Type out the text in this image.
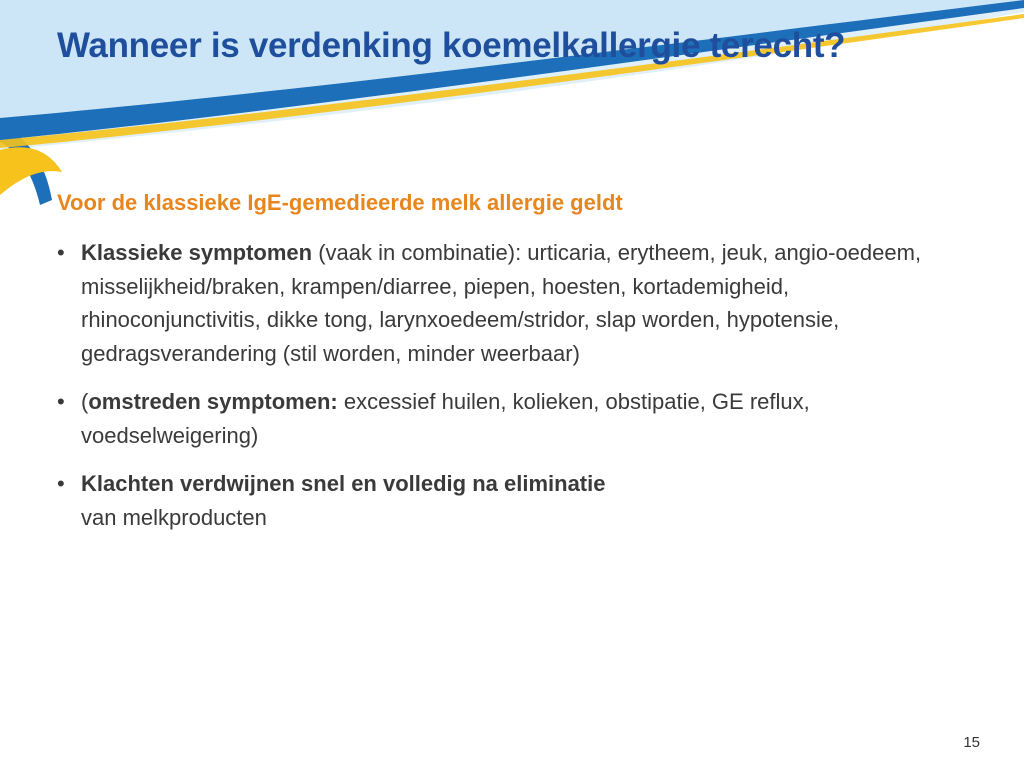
Wanneer is verdenking koemelkallergie terecht?

Voor de klassieke IgE-gemedieerde melk allergie geldt

• Klassieke symptomen (vaak in combinatie): urticaria, erytheem, jeuk, angio-oedeem, misselijkheid/braken, krampen/diarree, piepen, hoesten, kortademigheid, rhinoconjunctivitis, dikke tong, larynxoedeem/stridor, slap worden, hypotensie, gedragsverandering (stil worden, minder weerbaar)
• (omstreden symptomen: excessief huilen, kolieken, obstipatie, GE reflux, voedselweigering)
• Klachten verdwijnen snel en volledig na eliminatie
van melkproducten
15
